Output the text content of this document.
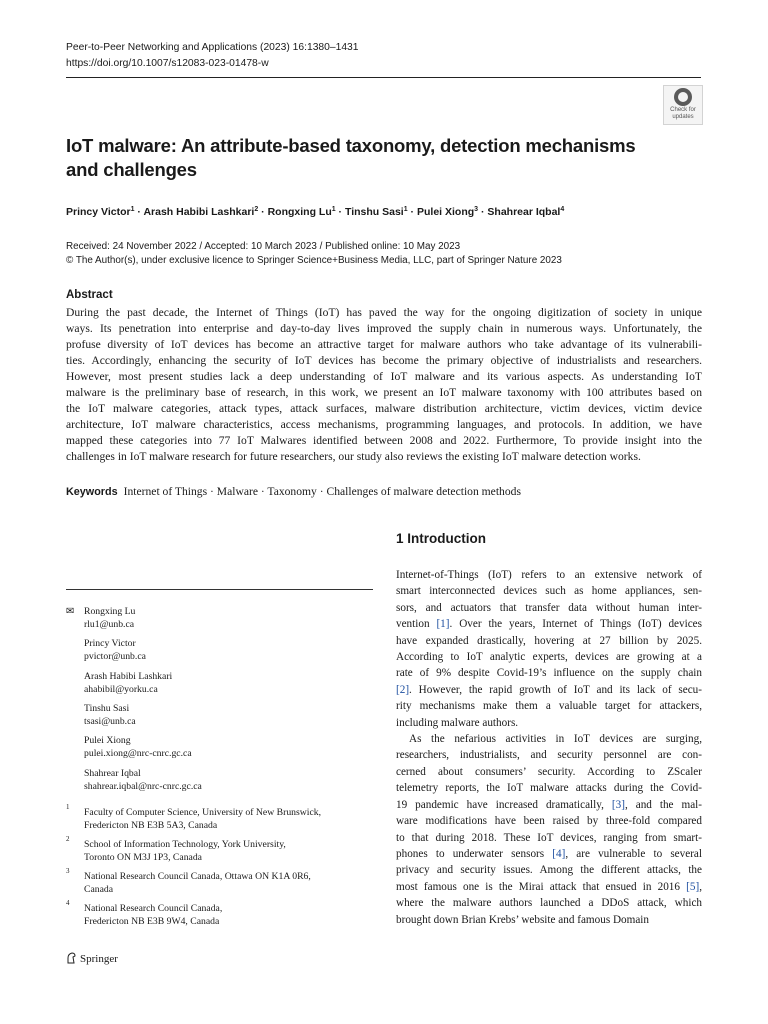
Peer-to-Peer Networking and Applications (2023) 16:1380–1431
https://doi.org/10.1007/s12083-023-01478-w
Check for
updates
IoT malware: An attribute-based taxonomy, detection mechanisms
and challenges
Princy Victor$^1$ · Arash Habibi Lashkari$^2$ · Rongxing $Lu^1$ · Tinshu Sasi$^1$ · Pulei Xiong$^3$ · Shahrear Iqbal$^4$
Received: 24 November 2022 / Accepted: 10 March 2023 / Published online: 10 May 2023
© The Author(s), under exclusive licence to Springer Science+Business Media, LLC, part of Springer Nature 2023
Abstract
During the past decade, the Internet of Things (IoT) has paved the way for the ongoing digitization of society in unique
ways. Its penetration into enterprise and day-to-day lives improved the supply chain in numerous ways. Unfortunately, the
profuse diversity of IoT devices has become an attractive target for malware authors who take advantage of its vulnerabili-
ties. Accordingly, enhancing the security of IoT devices has become the primary objective of industrialists and researchers.
However, most present studies lack a deep understanding of IoT malware and its various aspects. As understanding IoT
malware is the preliminary base of research, in this work, we present an IoT malware taxonomy with 100 attributes based on
the IoT malware categories, attack types, attack surfaces, malware distribution architecture, victim devices, victim device
architecture, IoT malware characteristics, access mechanisms, programming languages, and protocols. In addition, we have
mapped these categories into 77 IoT Malwares identified between 2008 and 2022. Furthermore, To provide insight into the
challenges in IoT malware research for future researchers, our study also reviews the existing IoT malware detection works.
Keywords Internet of Things · Malware · Taxonomy · Challenges of malware detection methods
1 Introduction
Internet-of-Things (IoT) refers to an extensive network of
smart interconnected devices such as home appliances, sen-
sors, and actuators that transfer data without human inter-
vention [1]. Over the years, Internet of Things (IoT) devices
have expanded drastically, hovering at 27 billion by 2025.
According to IoT analytic experts, devices are growing at a
rate of 9% despite Covid-19’s influence on the supply chain
[2]. However, the rapid growth of IoT and its lack of secu-
rity mechanisms make them a valuable target for attackers,
including malware authors.
As the nefarious activities in IoT devices are surging,
researchers, industrialists, and security personnel are con-
cerned about consumers’ security. According to ZScaler
telemetry reports, the IoT malware attacks during the Covid-
19 pandemic have increased dramatically, [3], and the mal-
ware modifications have been raised by three-fold compared
to that during 2018. These IoT devices, ranging from smart-
phones to underwater sensors [4], are vulnerable to several
privacy and security issues. Among the different attacks, the
most famous one is the Mirai attack that ensued in 2016 [5],
where the malware authors launched a DDoS attack, which
brought down Brian Krebs’ website and famous Domain
✉ Rongxing Lu
rlu1@unb.ca
Princy Victor
pvictor@unb.ca
Arash Habibi Lashkari
ahabibil@yorku.ca
Tinshu Sasi
tsasi@unb.ca
Pulei Xiong
pulei.xiong@nrc-cnrc.gc.ca
Shahrear Iqbal
shahrear.iqbal@nrc-cnrc.gc.ca
1 Faculty of Computer Science, University of New Brunswick,
Fredericton NB E3B 5A3, Canada
2 School of Information Technology, York University,
Toronto ON M3J 1P3, Canada
3 National Research Council Canada, Ottawa ON K1A 0R6,
Canada
4 National Research Council Canada,
Fredericton NB E3B 9W4, Canada
Springer
